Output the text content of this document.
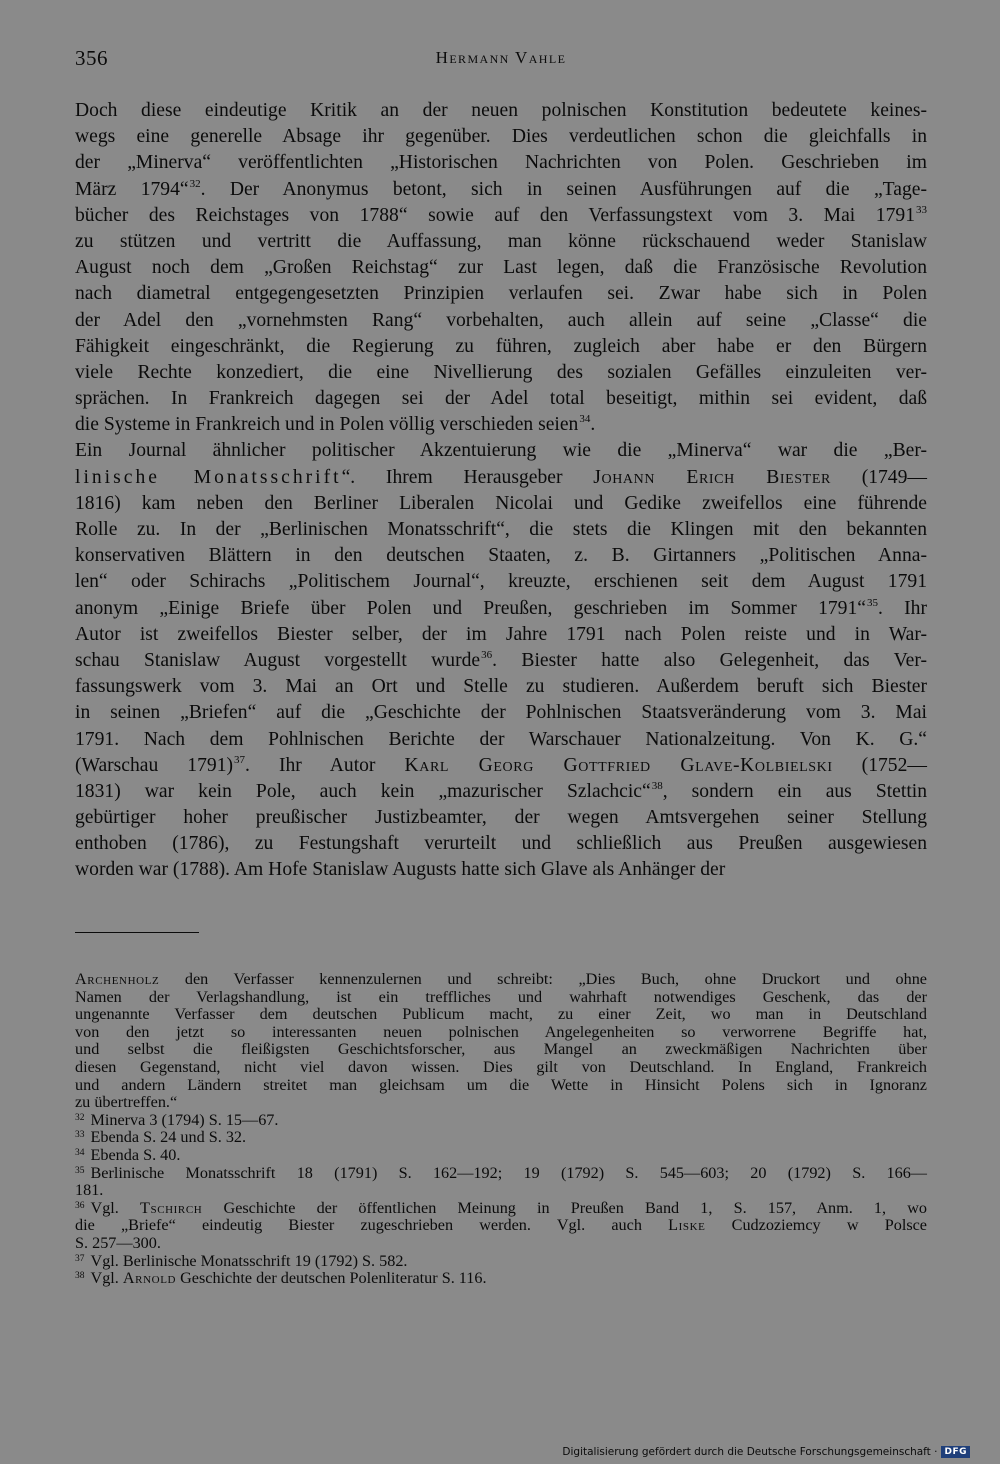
356	Hermann Vahle
Doch diese eindeutige Kritik an der neuen polnischen Konstitution bedeutete keines-
wegs eine generelle Absage ihr gegenüber. Dies verdeutlichen schon die gleichfalls in
der „Minerva“ veröffentlichten „Historischen Nachrichten von Polen. Geschrieben im
März 1794“$^{32}$. Der Anonymus betont, sich in seinen Ausführungen auf die „Tage-
bücher des Reichstages von 1788“ sowie auf den Verfassungstext vom 3. Mai 1791$^{33}$
zu stützen und vertritt die Auffassung, man könne rückschauend weder Stanislaw
August noch dem „Großen Reichstag“ zur Last legen, daß die Französische Revolution
nach diametral entgegengesetzten Prinzipien verlaufen sei. Zwar habe sich in Polen
der Adel den „vornehmsten Rang“ vorbehalten, auch allein auf seine „Classe“ die
Fähigkeit eingeschränkt, die Regierung zu führen, zugleich aber habe er den Bürgern
viele Rechte konzediert, die eine Nivellierung des sozialen Gefälles einzuleiten ver-
sprächen. In Frankreich dagegen sei der Adel total beseitigt, mithin sei evident, daß
die Systeme in Frankreich und in Polen völlig verschieden seien$^{34}$.
Ein Journal ähnlicher politischer Akzentuierung wie die „Minerva“ war die „Ber-
linische Monatsschrift“. Ihrem Herausgeber Johann Erich Biester (1749—
1816) kam neben den Berliner Liberalen Nicolai und Gedike zweifellos eine führende
Rolle zu. In der „Berlinischen Monatsschrift“, die stets die Klingen mit den bekannten
konservativen Blättern in den deutschen Staaten, z. B. Girtanners „Politischen Anna-
len“ oder Schirachs „Politischem Journal“, kreuzte, erschienen seit dem August 1791
anonym „Einige Briefe über Polen und Preußen, geschrieben im Sommer 1791“$^{35}$. Ihr
Autor ist zweifellos Biester selber, der im Jahre 1791 nach Polen reiste und in War-
schau Stanislaw August vorgestellt wurde$^{36}$. Biester hatte also Gelegenheit, das Ver-
fassungswerk vom 3. Mai an Ort und Stelle zu studieren. Außerdem beruft sich Biester
in seinen „Briefen“ auf die „Geschichte der Pohlnischen Staatsveränderung vom 3. Mai
1791. Nach dem Pohlnischen Berichte der Warschauer Nationalzeitung. Von K. G.“
(Warschau 1791)$^{37}$. Ihr Autor Karl Georg Gottfried Glave-Kolbielski (1752—
1831) war kein Pole, auch kein „mazurischer Szlachcic“$^{38}$, sondern ein aus Stettin
gebürtiger hoher preußischer Justizbeamter, der wegen Amtsvergehen seiner Stellung
enthoben (1786), zu Festungshaft verurteilt und schließlich aus Preußen ausgewiesen
worden war (1788). Am Hofe Stanislaw Augusts hatte sich Glave als Anhänger der
Archenholz den Verfasser kennenzulernen und schreibt: „Dies Buch, ohne Druckort und ohne
Namen der Verlagshandlung, ist ein treffliches und wahrhaft notwendiges Geschenk, das der
ungenannte Verfasser dem deutschen Publicum macht, zu einer Zeit, wo man in Deutschland
von den jetzt so interessanten neuen polnischen Angelegenheiten so verworrene Begriffe hat,
und selbst die fleißigsten Geschichtsforscher, aus Mangel an zweckmäßigen Nachrichten über
diesen Gegenstand, nicht viel davon wissen. Dies gilt von Deutschland. In England, Frankreich
und andern Ländern streitet man gleichsam um die Wette in Hinsicht Polens sich in Ignoranz
zu übertreffen.“
$^{32}$ Minerva 3 (1794) S. 15—67.
$^{33}$ Ebenda S. 24 und S. 32.
$^{34}$ Ebenda S. 40.
$^{35}$ Berlinische Monatsschrift 18 (1791) S. 162—192; 19 (1792) S. 545—603; 20 (1792) S. 166—
181.
$^{36}$ Vgl. Tschirch Geschichte der öffentlichen Meinung in Preußen Band 1, S. 157, Anm. 1, wo
die „Briefe“ eindeutig Biester zugeschrieben werden. Vgl. auch Liske Cudzoziemcy w Polsce
S. 257—300.
$^{37}$ Vgl. Berlinische Monatsschrift 19 (1792) S. 582.
$^{38}$ Vgl. Arnold Geschichte der deutschen Polenliteratur S. 116.
Digitalisierung gefördert durch die Deutsche Forschungsgemeinschaft · DFG
